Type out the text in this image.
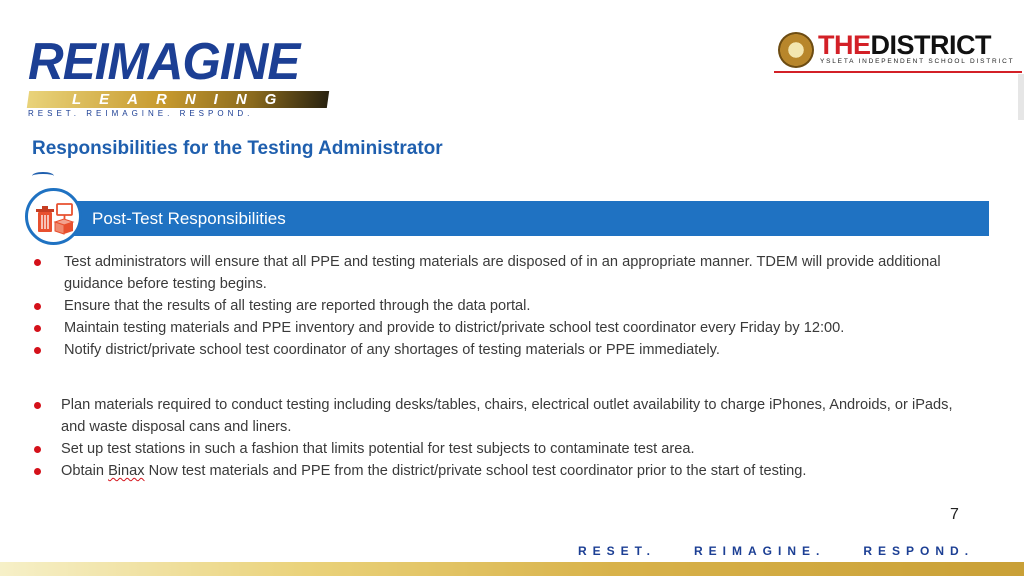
REIMAGINE
LEARNING
RESET. REIMAGINE. RESPOND.
THEDISTRICT
YSLETA INDEPENDENT SCHOOL DISTRICT
Responsibilities for the Testing Administrator
Post-Test Responsibilities
Test administrators will ensure that all PPE and testing materials are disposed of in an appropriate manner. TDEM will provide additional guidance before testing begins.
Ensure that the results of all testing are reported through the data portal.
Maintain testing materials and PPE inventory and provide to district/private school test coordinator every Friday by 12:00.
Notify district/private school test coordinator of any shortages of testing materials or PPE immediately.
Plan materials required to conduct testing including desks/tables, chairs, electrical outlet availability to charge iPhones, Androids, or iPads, and waste disposal cans and liners.
Set up test stations in such a fashion that limits potential for test subjects to contaminate test area.
Obtain Binax Now test materials and PPE from the district/private school test coordinator prior to the start of testing.
7
RESET.	REIMAGINE.	RESPOND.
